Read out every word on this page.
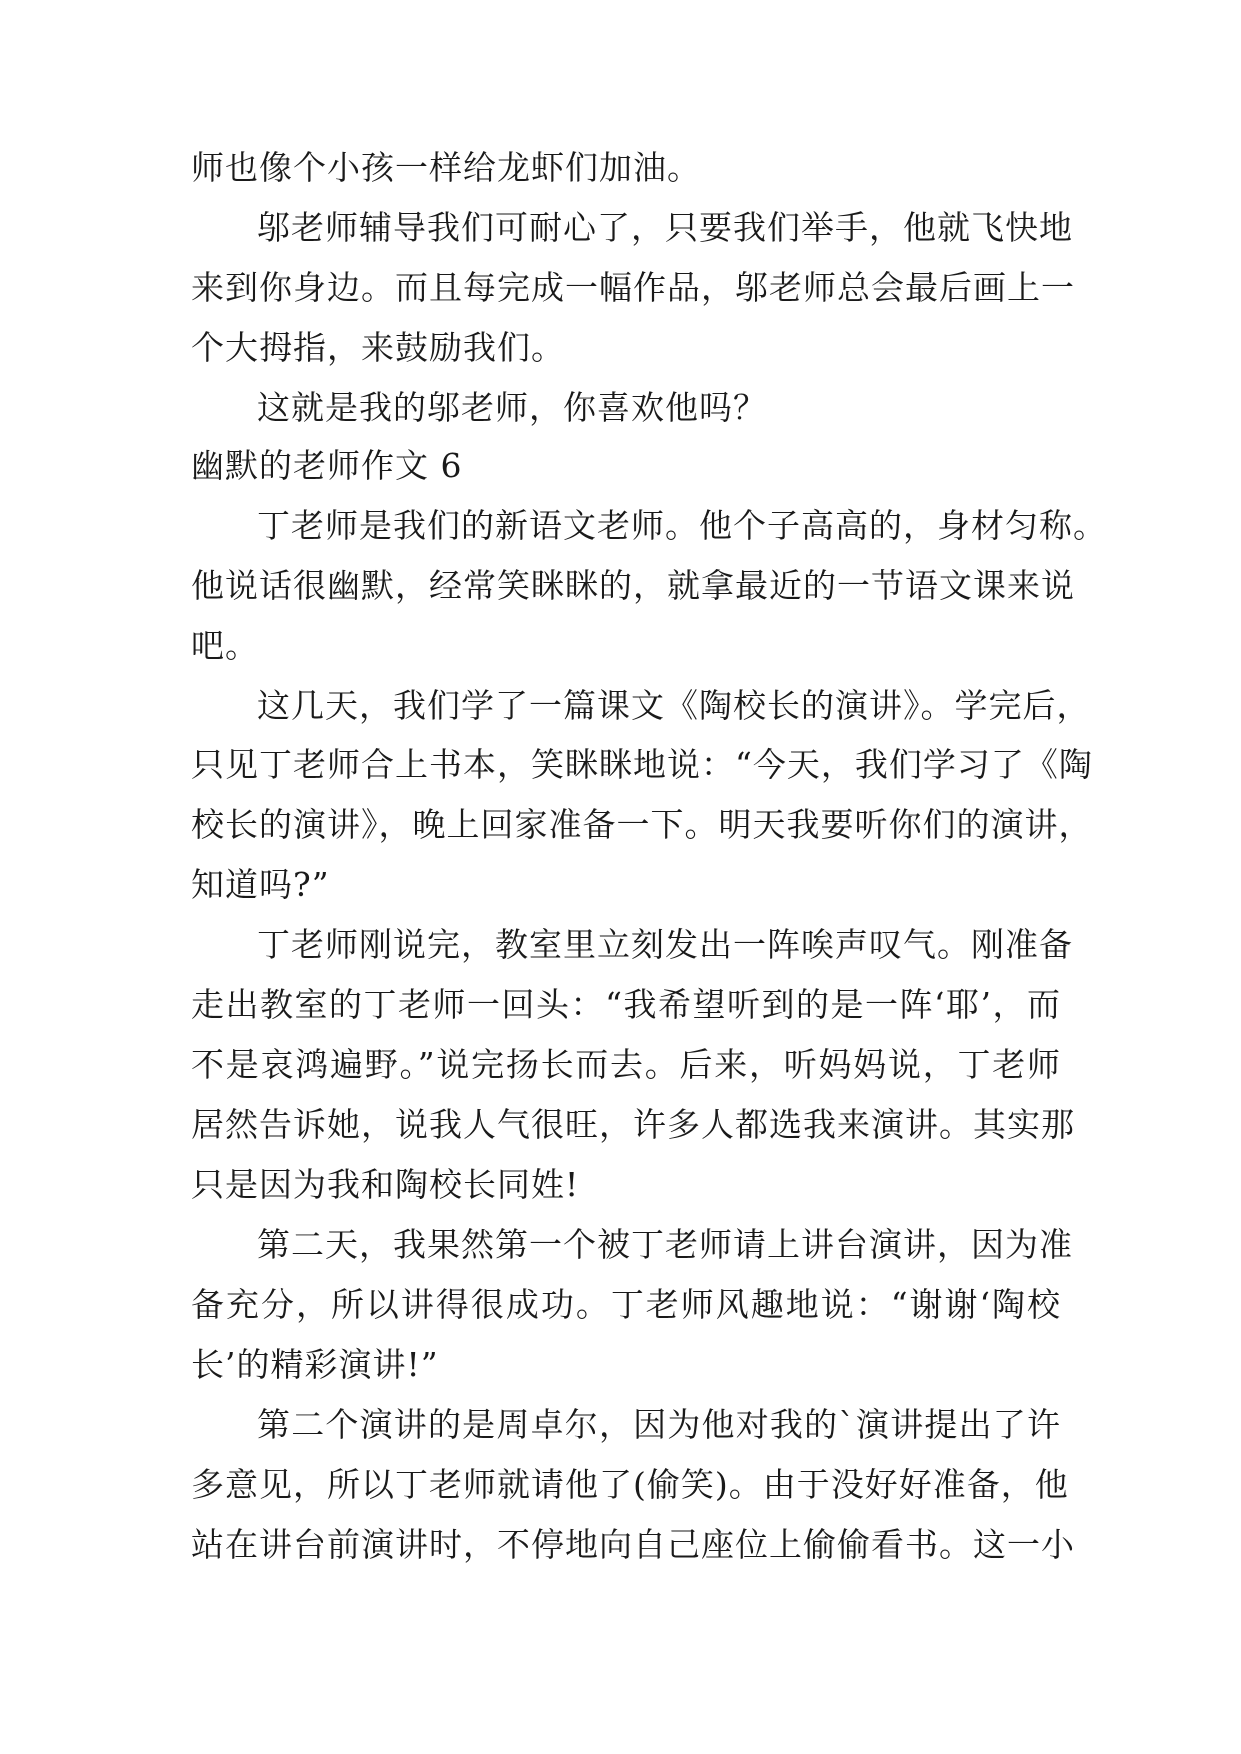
师也像个小孩一样给龙虾们加油。
邬老师辅导我们可耐心了，只要我们举手，他就飞快地
来到你身边。而且每完成一幅作品，邬老师总会最后画上一
个大拇指，来鼓励我们。
这就是我的邬老师，你喜欢他吗？
幽默的老师作文 6
丁老师是我们的新语文老师。他个子高高的，身材匀称。
他说话很幽默，经常笑眯眯的，就拿最近的一节语文课来说
吧。
这几天，我们学了一篇课文《陶校长的演讲》。学完后，
只见丁老师合上书本，笑眯眯地说：“今天，我们学习了《陶
校长的演讲》，晚上回家准备一下。明天我要听你们的演讲，
知道吗?”
丁老师刚说完，教室里立刻发出一阵唉声叹气。刚准备
走出教室的丁老师一回头：“我希望听到的是一阵‘耶’，而
不是哀鸿遍野。”说完扬长而去。后来，听妈妈说，丁老师
居然告诉她，说我人气很旺，许多人都选我来演讲。其实那
只是因为我和陶校长同姓!
第二天，我果然第一个被丁老师请上讲台演讲，因为准
备充分，所以讲得很成功。丁老师风趣地说：“谢谢‘陶校
长’的精彩演讲!”
第二个演讲的是周卓尔，因为他对我的`演讲提出了许
多意见，所以丁老师就请他了(偷笑)。由于没好好准备，他
站在讲台前演讲时，不停地向自己座位上偷偷看书。这一小
